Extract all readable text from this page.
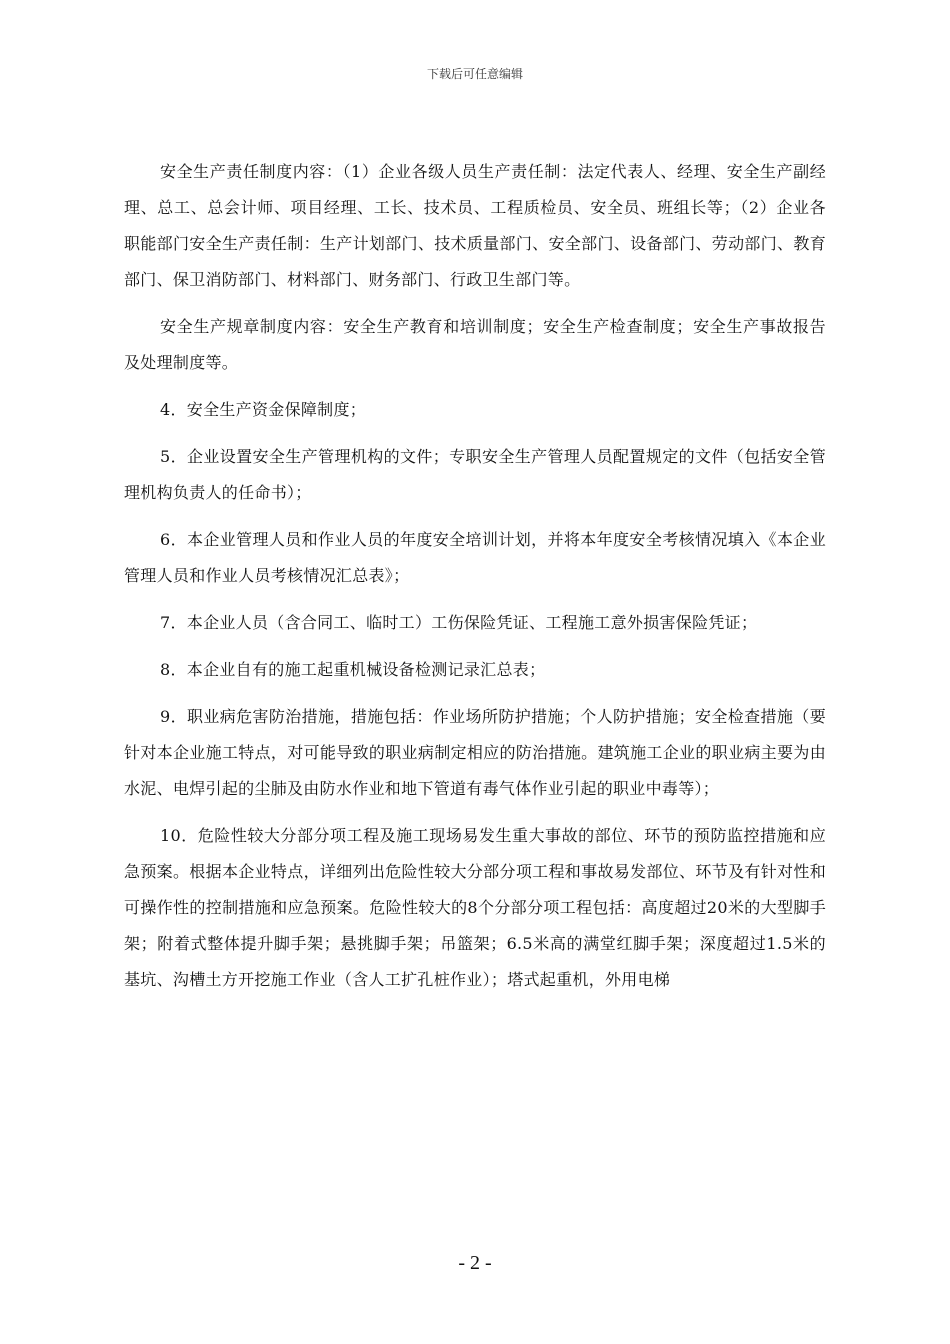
下载后可任意编辑

安全生产责任制度内容：（1）企业各级人员生产责任制：法定代表人、经理、安全生产副经理、总工、总会计师、项目经理、工长、技术员、工程质检员、安全员、班组长等；（2）企业各职能部门安全生产责任制：生产计划部门、技术质量部门、安全部门、设备部门、劳动部门、教育部门、保卫消防部门、材料部门、财务部门、行政卫生部门等。

安全生产规章制度内容：安全生产教育和培训制度；安全生产检查制度；安全生产事故报告及处理制度等。

4．安全生产资金保障制度；

5．企业设置安全生产管理机构的文件；专职安全生产管理人员配置规定的文件（包括安全管理机构负责人的任命书）；

6．本企业管理人员和作业人员的年度安全培训计划，并将本年度安全考核情况填入《本企业管理人员和作业人员考核情况汇总表》；

7．本企业人员（含合同工、临时工）工伤保险凭证、工程施工意外损害保险凭证；

8．本企业自有的施工起重机械设备检测记录汇总表；

9．职业病危害防治措施，措施包括：作业场所防护措施；个人防护措施；安全检查措施（要针对本企业施工特点，对可能导致的职业病制定相应的防治措施。建筑施工企业的职业病主要为由水泥、电焊引起的尘肺及由防水作业和地下管道有毒气体作业引起的职业中毒等）；

10．危险性较大分部分项工程及施工现场易发生重大事故的部位、环节的预防监控措施和应急预案。根据本企业特点，详细列出危险性较大分部分项工程和事故易发部位、环节及有针对性和可操作性的控制措施和应急预案。危险性较大的8个分部分项工程包括：高度超过20米的大型脚手架；附着式整体提升脚手架；悬挑脚手架；吊篮架；6.5米高的满堂红脚手架；深度超过1.5米的基坑、沟槽土方开挖施工作业（含人工扩孔桩作业）；塔式起重机，外用电梯

- 2 -
